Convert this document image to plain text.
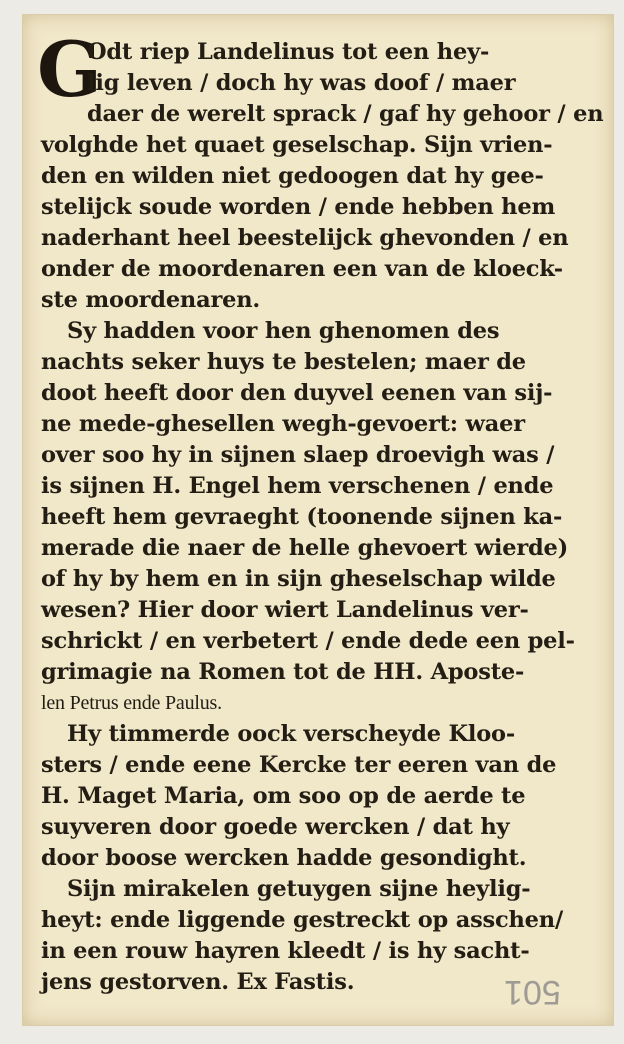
G
Odt riep Landelinus tot een hey-
lig leven / doch hy was doof / maer
daer de werelt sprack / gaf hy gehoor / en
volghde het quaet geselschap. Sijn vrien-
den en wilden niet gedoogen dat hy gee-
stelijck soude worden / ende hebben hem
naderhant heel beestelijck ghevonden / en
onder de moordenaren een van de kloeck-
ste moordenaren.
Sy hadden voor hen ghenomen des
nachts seker huys te bestelen; maer de
doot heeft door den duyvel eenen van sij-
ne mede-ghesellen wegh-gevoert: waer
over soo hy in sijnen slaep droevigh was /
is sijnen H. Engel hem verschenen / ende
heeft hem gevraeght (toonende sijnen ka-
merade die naer de helle ghevoert wierde)
of hy by hem en in sijn gheselschap wilde
wesen? Hier door wiert Landelinus ver-
schrickt / en verbetert / ende dede een pel-
grimagie na Romen tot de HH. Aposte-
len Petrus ende Paulus.
Hy timmerde oock verscheyde Kloo-
sters / ende eene Kercke ter eeren van de
H. Maget Maria, om soo op de aerde te
suyveren door goede wercken / dat hy
door boose wercken hadde gesondight.
Sijn mirakelen getuygen sijne heylig-
heyt: ende liggende gestreckt op asschen/
in een rouw hayren kleedt / is hy sacht-
jens gestorven. Ex Fastis.	501
